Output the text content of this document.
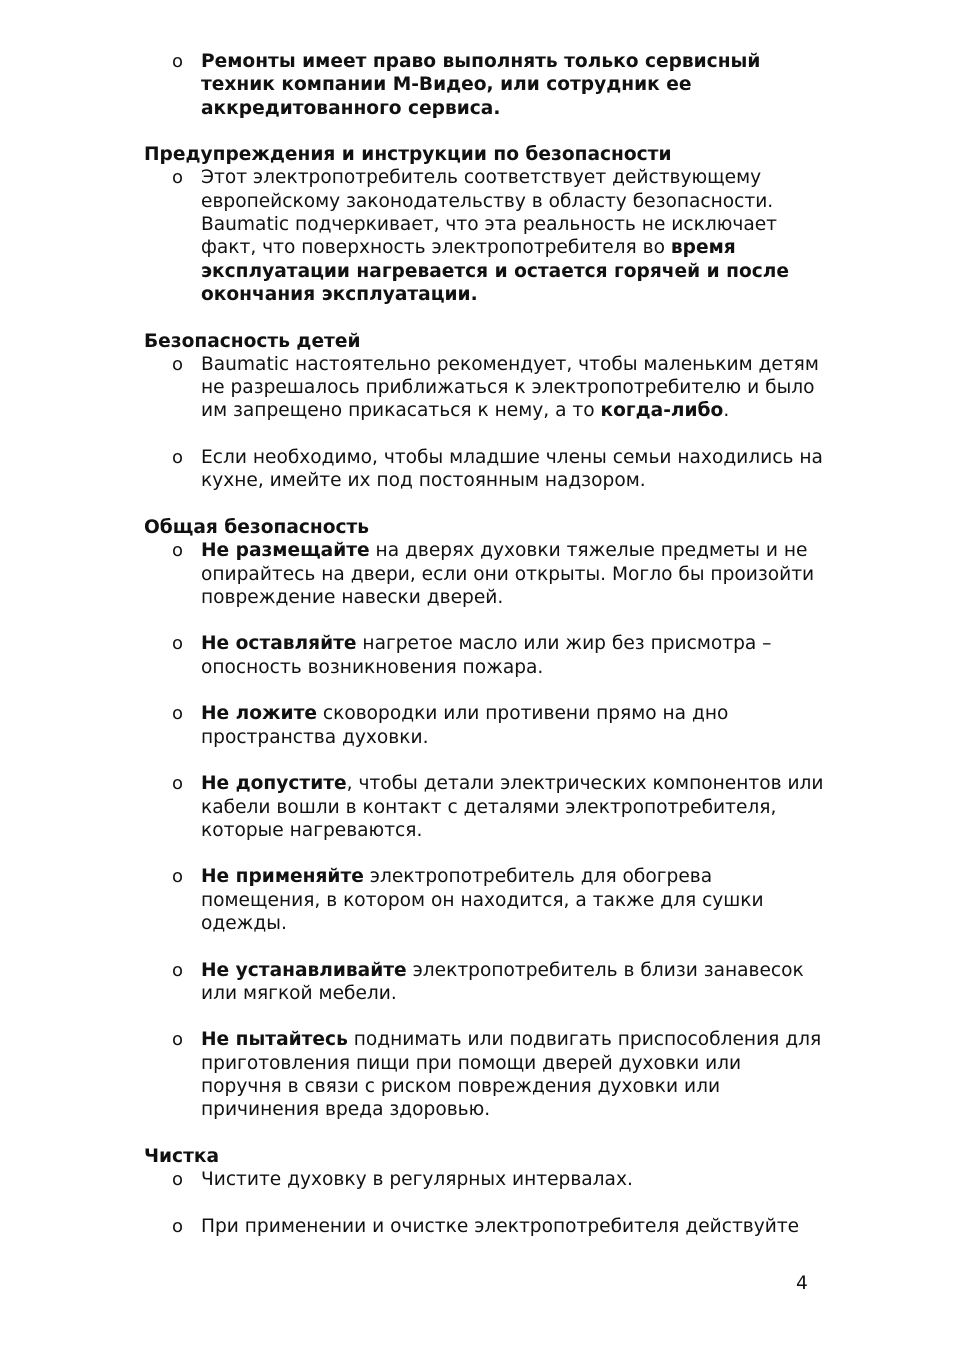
o Ремонты имеет право выполнять только сервисный техник компании М-Видео, или сотрудник ее аккредитованного сервиса.

Предупреждения и инструкции по безопасности

o Этот электропотребитель соответствует действующему европейскому законодательству в областу безопасности. Baumatic подчеркивает, что эта реальность не исключает факт, что поверхность электропотребителя во время эксплуатации нагревается и остается горячей и после окончания эксплуатации.

Безопасность детей

o Baumatic настоятельно рекомендует, чтобы маленьким детям не разрешалось приближаться к электропотребителю и было им запрещено прикасаться к нему, а то когда-либо.
o Если необходимо, чтобы младшие члены семьи находились на кухне, имейте их под постоянным надзором.

Общая безопасность

o Не размещайте на дверях духовки тяжелые предметы и не опирайтесь на двери, если они открыты. Могло бы произойти повреждение навески дверей.
o Не оставляйте нагретое масло или жир без присмотра – опосность возникновения пожара.
o Не ложите сковородки или противени прямо на дно пространства духовки.
o Не допустите, чтобы детали электрических компонентов или кабели вошли в контакт с деталями электропотребителя, которые нагреваются.
o Не применяйте электропотребитель для обогрева помещения, в котором он находится, а также для сушки одежды.
o Не устанавливайте электропотребитель в близи занавесок или мягкой мебели.
o Не пытайтесь поднимать или подвигать приспособления для приготовления пищи при помощи дверей духовки или поручня в связи с риском повреждения духовки или причинения вреда здоровью.

Чистка

o Чистите духовку в регулярных интервалах.
o При применении и очистке электропотребителя действуйте
4
